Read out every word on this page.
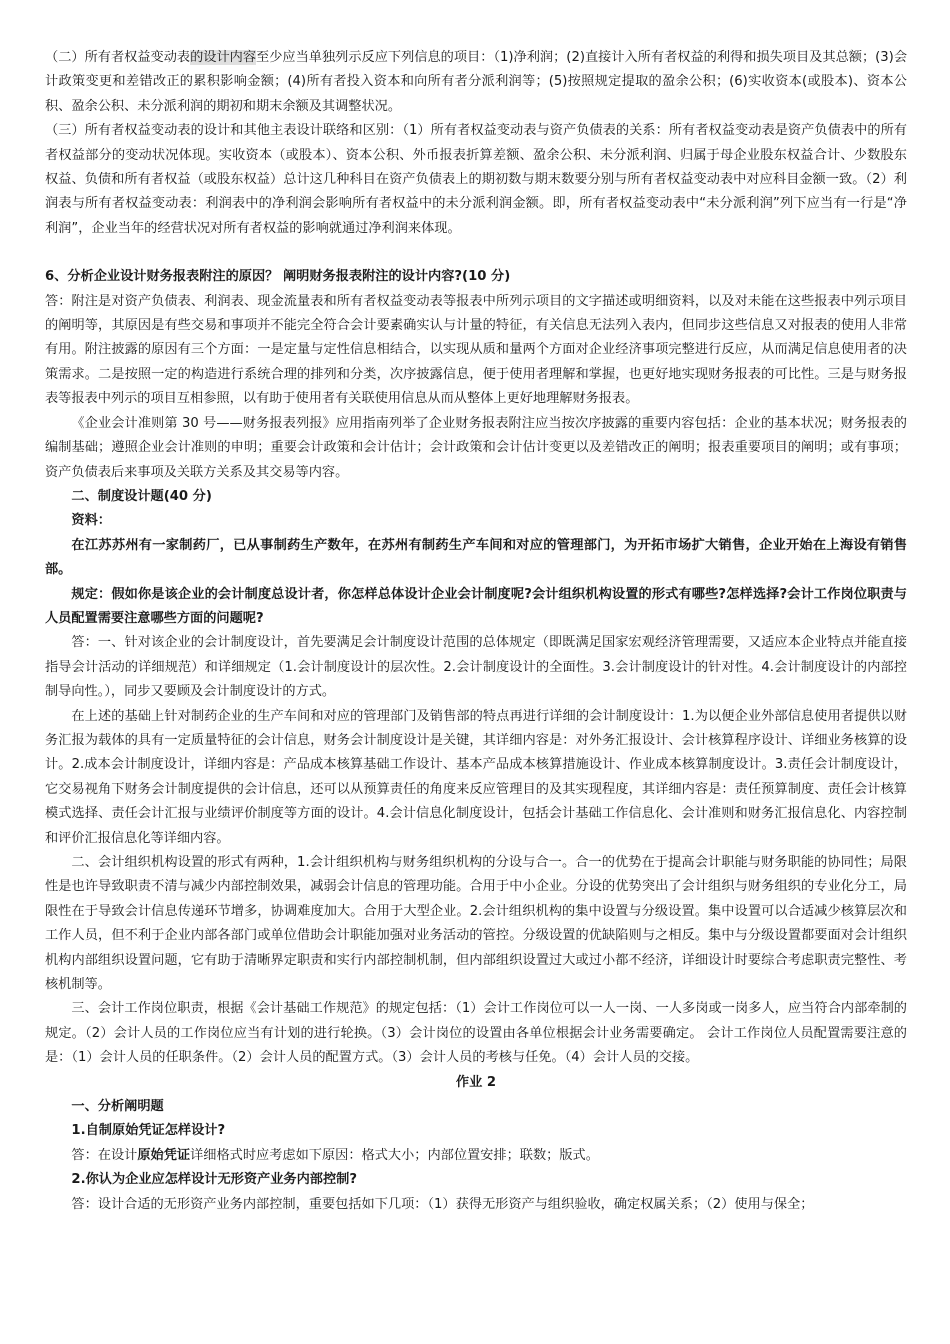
（二）所有者权益变动表的设计内容至少应当单独列示反应下列信息的项目：（1)净利润；(2)直接计入所有者权益的利得和损失项目及其总额；(3)会计政策变更和差错改正的累积影响金额；(4)所有者投入资本和向所有者分派利润等；(5)按照规定提取的盈余公积；(6)实收资本(或股本)、资本公积、盈余公积、未分派利润的期初和期末余额及其调整状况。

（三）所有者权益变动表的设计和其他主表设计联络和区别：（1）所有者权益变动表与资产负债表的关系：所有者权益变动表是资产负债表中的所有者权益部分的变动状况体现。实收资本（或股本）、资本公积、外币报表折算差额、盈余公积、未分派利润、归属于母企业股东权益合计、少数股东权益、负债和所有者权益（或股东权益）总计这几种科目在资产负债表上的期初数与期末数要分别与所有者权益变动表中对应科目金额一致。（2）利润表与所有者权益变动表：利润表中的净利润会影响所有者权益中的未分派利润金额。即，所有者权益变动表中“未分派利润”列下应当有一行是“净利润”，企业当年的经营状况对所有者权益的影响就通过净利润来体现。

6、分析企业设计财务报表附注的原因？ 阐明财务报表附注的设计内容?(10 分)

答：附注是对资产负债表、利润表、现金流量表和所有者权益变动表等报表中所列示项目的文字描述或明细资料，以及对未能在这些报表中列示项目的阐明等，其原因是有些交易和事项并不能完全符合会计要素确实认与计量的特征，有关信息无法列入表内，但同步这些信息又对报表的使用人非常有用。附注披露的原因有三个方面：一是定量与定性信息相结合，以实现从质和量两个方面对企业经济事项完整进行反应，从而满足信息使用者的决策需求。二是按照一定的构造进行系统合理的排列和分类，次序披露信息，便于使用者理解和掌握，也更好地实现财务报表的可比性。三是与财务报表等报表中列示的项目互相参照，以有助于使用者有关联使用信息从而从整体上更好地理解财务报表。

《企业会计准则第 30 号——财务报表列报》应用指南列举了企业财务报表附注应当按次序披露的重要内容包括：企业的基本状况；财务报表的编制基础；遵照企业会计准则的申明；重要会计政策和会计估计；会计政策和会计估计变更以及差错改正的阐明；报表重要项目的阐明；或有事项；资产负债表后来事项及关联方关系及其交易等内容。

二、制度设计题(40 分)

资料：

在江苏苏州有一家制药厂，已从事制药生产数年，在苏州有制药生产车间和对应的管理部门，为开拓市场扩大销售，企业开始在上海设有销售部。

规定：假如你是该企业的会计制度总设计者，你怎样总体设计企业会计制度呢?会计组织机构设置的形式有哪些?怎样选择?会计工作岗位职责与人员配置需要注意哪些方面的问题呢?

答：一、针对该企业的会计制度设计，首先要满足会计制度设计范围的总体规定（即既满足国家宏观经济管理需要，又适应本企业特点并能直接指导会计活动的详细规范）和详细规定（1.会计制度设计的层次性。2.会计制度设计的全面性。3.会计制度设计的针对性。4.会计制度设计的内部控制导向性。），同步又要顾及会计制度设计的方式。

在上述的基础上针对制药企业的生产车间和对应的管理部门及销售部的特点再进行详细的会计制度设计：1.为以便企业外部信息使用者提供以财务汇报为载体的具有一定质量特征的会计信息，财务会计制度设计是关键，其详细内容是：对外务汇报设计、会计核算程序设计、详细业务核算的设计。2.成本会计制度设计，详细内容是：产品成本核算基础工作设计、基本产品成本核算措施设计、作业成本核算制度设计。3.责任会计制度设计，它交易视角下财务会计制度提供的会计信息，还可以从预算责任的角度来反应管理目的及其实现程度，其详细内容是：责任预算制度、责任会计核算模式选择、责任会计汇报与业绩评价制度等方面的设计。4.会计信息化制度设计，包括会计基础工作信息化、会计准则和财务汇报信息化、内容控制和评价汇报信息化等详细内容。

二、会计组织机构设置的形式有两种，1.会计组织机构与财务组织机构的分设与合一。合一的优势在于提高会计职能与财务职能的协同性；局限性是也许导致职责不清与减少内部控制效果，减弱会计信息的管理功能。合用于中小企业。分设的优势突出了会计组织与财务组织的专业化分工，局限性在于导致会计信息传递环节增多，协调难度加大。合用于大型企业。2.会计组织机构的集中设置与分级设置。集中设置可以合适减少核算层次和工作人员，但不利于企业内部各部门或单位借助会计职能加强对业务活动的管控。分级设置的优缺陷则与之相反。集中与分级设置都要面对会计组织机构内部组织设置问题，它有助于清晰界定职责和实行内部控制机制，但内部组织设置过大或过小都不经济，详细设计时要综合考虑职责完整性、考核机制等。

三、会计工作岗位职责，根据《会计基础工作规范》的规定包括：（1）会计工作岗位可以一人一岗、一人多岗或一岗多人，应当符合内部牵制的规定。（2）会计人员的工作岗位应当有计划的进行轮换。（3）会计岗位的设置由各单位根据会计业务需要确定。 会计工作岗位人员配置需要注意的是：（1）会计人员的任职条件。（2）会计人员的配置方式。（3）会计人员的考核与任免。（4）会计人员的交接。

作业 2

一、分析阐明题

1.自制原始凭证怎样设计?

答：在设计原始凭证详细格式时应考虑如下原因：格式大小；内部位置安排；联数；版式。

2.你认为企业应怎样设计无形资产业务内部控制?

答：设计合适的无形资产业务内部控制，重要包括如下几项：（1）获得无形资产与组织验收，确定权属关系；（2）使用与保全；
